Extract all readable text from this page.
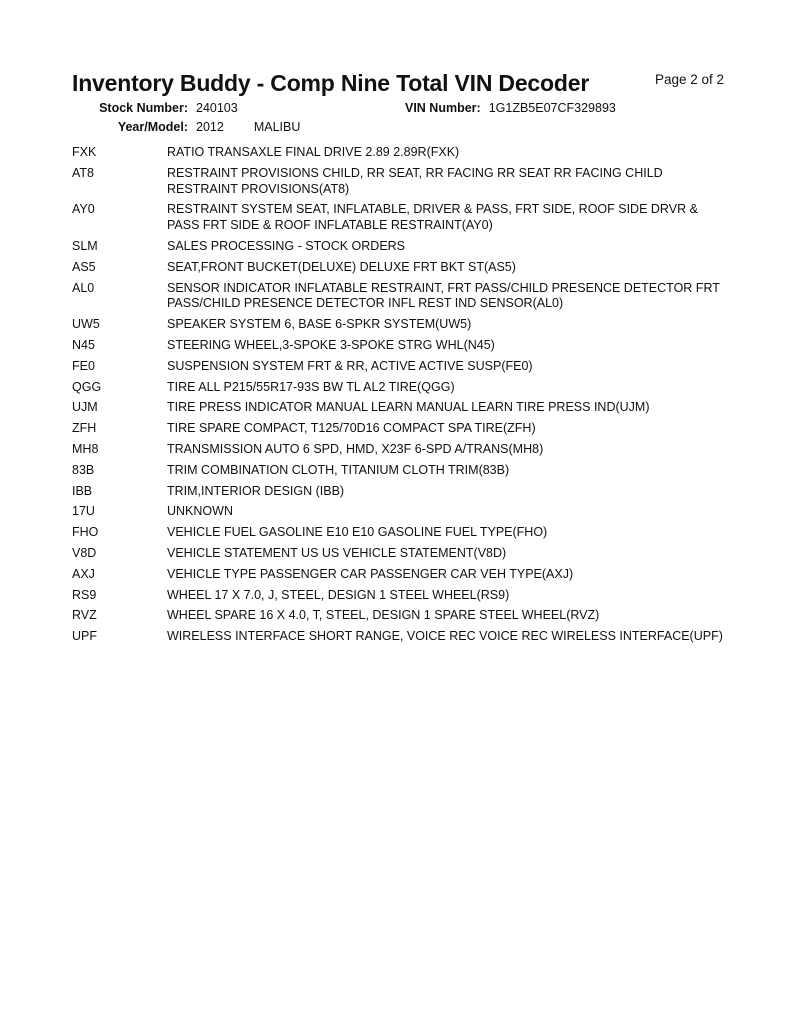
Inventory Buddy - Comp Nine Total VIN Decoder	Page 2 of 2
Stock Number: 240103	VIN Number: 1G1ZB5E07CF329893
Year/Model: 2012 MALIBU
FXK	RATIO TRANSAXLE FINAL DRIVE 2.89 2.89R(FXK)
AT8	RESTRAINT PROVISIONS CHILD, RR SEAT, RR FACING RR SEAT RR FACING CHILD RESTRAINT PROVISIONS(AT8)
AY0	RESTRAINT SYSTEM SEAT, INFLATABLE, DRIVER & PASS, FRT SIDE, ROOF SIDE DRVR & PASS FRT SIDE & ROOF INFLATABLE RESTRAINT(AY0)
SLM	SALES PROCESSING - STOCK ORDERS
AS5	SEAT,FRONT BUCKET(DELUXE) DELUXE FRT BKT ST(AS5)
AL0	SENSOR INDICATOR INFLATABLE RESTRAINT, FRT PASS/CHILD PRESENCE DETECTOR FRT PASS/CHILD PRESENCE DETECTOR INFL REST IND SENSOR(AL0)
UW5	SPEAKER SYSTEM 6, BASE 6-SPKR SYSTEM(UW5)
N45	STEERING WHEEL,3-SPOKE 3-SPOKE STRG WHL(N45)
FE0	SUSPENSION SYSTEM FRT & RR, ACTIVE ACTIVE SUSP(FE0)
QGG	TIRE ALL P215/55R17-93S BW TL AL2 TIRE(QGG)
UJM	TIRE PRESS INDICATOR MANUAL LEARN MANUAL LEARN TIRE PRESS IND(UJM)
ZFH	TIRE SPARE COMPACT, T125/70D16 COMPACT SPA TIRE(ZFH)
MH8	TRANSMISSION AUTO 6 SPD, HMD, X23F 6-SPD A/TRANS(MH8)
83B	TRIM COMBINATION CLOTH, TITANIUM CLOTH TRIM(83B)
IBB	TRIM,INTERIOR DESIGN (IBB)
17U	UNKNOWN
FHO	VEHICLE FUEL GASOLINE E10 E10 GASOLINE FUEL TYPE(FHO)
V8D	VEHICLE STATEMENT US US VEHICLE STATEMENT(V8D)
AXJ	VEHICLE TYPE PASSENGER CAR PASSENGER CAR VEH TYPE(AXJ)
RS9	WHEEL 17 X 7.0, J, STEEL, DESIGN 1 STEEL WHEEL(RS9)
RVZ	WHEEL SPARE 16 X 4.0, T, STEEL, DESIGN 1 SPARE STEEL WHEEL(RVZ)
UPF	WIRELESS INTERFACE SHORT RANGE, VOICE REC VOICE REC WIRELESS INTERFACE(UPF)
